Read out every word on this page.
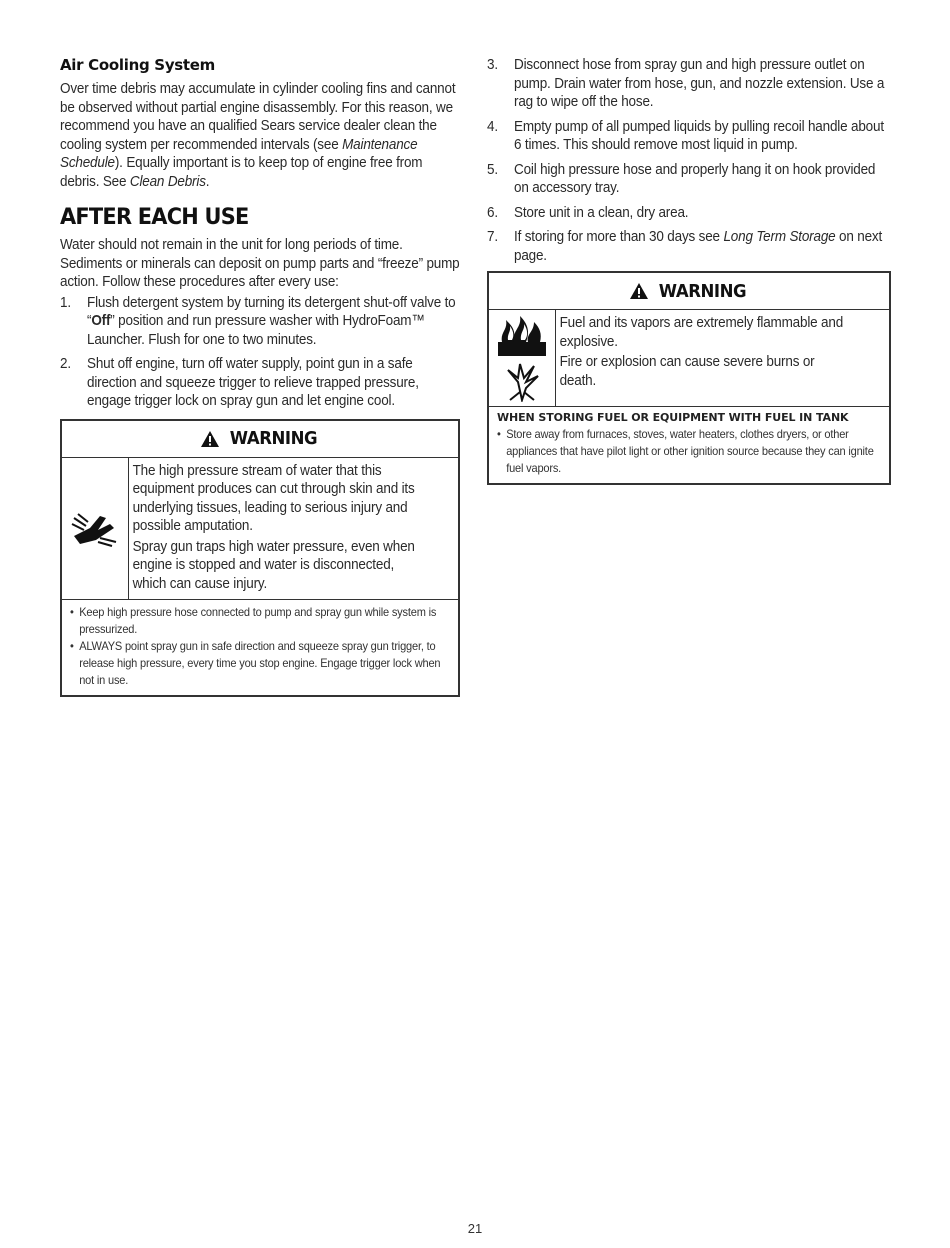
Air Cooling System

Over time debris may accumulate in cylinder cooling fins and cannot be observed without partial engine disassembly. For this reason, we recommend you have an qualified Sears service dealer clean the cooling system per recommended intervals (see Maintenance Schedule). Equally important is to keep top of engine free from debris. See Clean Debris.

AFTER EACH USE

Water should not remain in the unit for long periods of time. Sediments or minerals can deposit on pump parts and “freeze” pump action. Follow these procedures after every use:

1. Flush detergent system by turning its detergent shut-off valve to “Off” position and run pressure washer with HydroFoam™ Launcher. Flush for one to two minutes.
2. Shut off engine, turn off water supply, point gun in a safe direction and squeeze trigger to relieve trapped pressure, engage trigger lock on spray gun and let engine cool.
WARNING

The high pressure stream of water that this equipment produces can cut through skin and its underlying tissues, leading to serious injury and possible amputation.

Spray gun traps high water pressure, even when engine is stopped and water is disconnected, which can cause injury.

• Keep high pressure hose connected to pump and spray gun while system is pressurized.
• ALWAYS point spray gun in safe direction and squeeze spray gun trigger, to release high pressure, every time you stop engine. Engage trigger lock when not in use.
3. Disconnect hose from spray gun and high pressure outlet on pump. Drain water from hose, gun, and nozzle extension. Use a rag to wipe off the hose.
4. Empty pump of all pumped liquids by pulling recoil handle about 6 times. This should remove most liquid in pump.
5. Coil high pressure hose and properly hang it on hook provided on accessory tray.
6. Store unit in a clean, dry area.
7. If storing for more than 30 days see Long Term Storage on next page.
WARNING

Fuel and its vapors are extremely flammable and explosive.

Fire or explosion can cause severe burns or death.

WHEN STORING FUEL OR EQUIPMENT WITH FUEL IN TANK
• Store away from furnaces, stoves, water heaters, clothes dryers, or other appliances that have pilot light or other ignition source because they can ignite fuel vapors.
21
